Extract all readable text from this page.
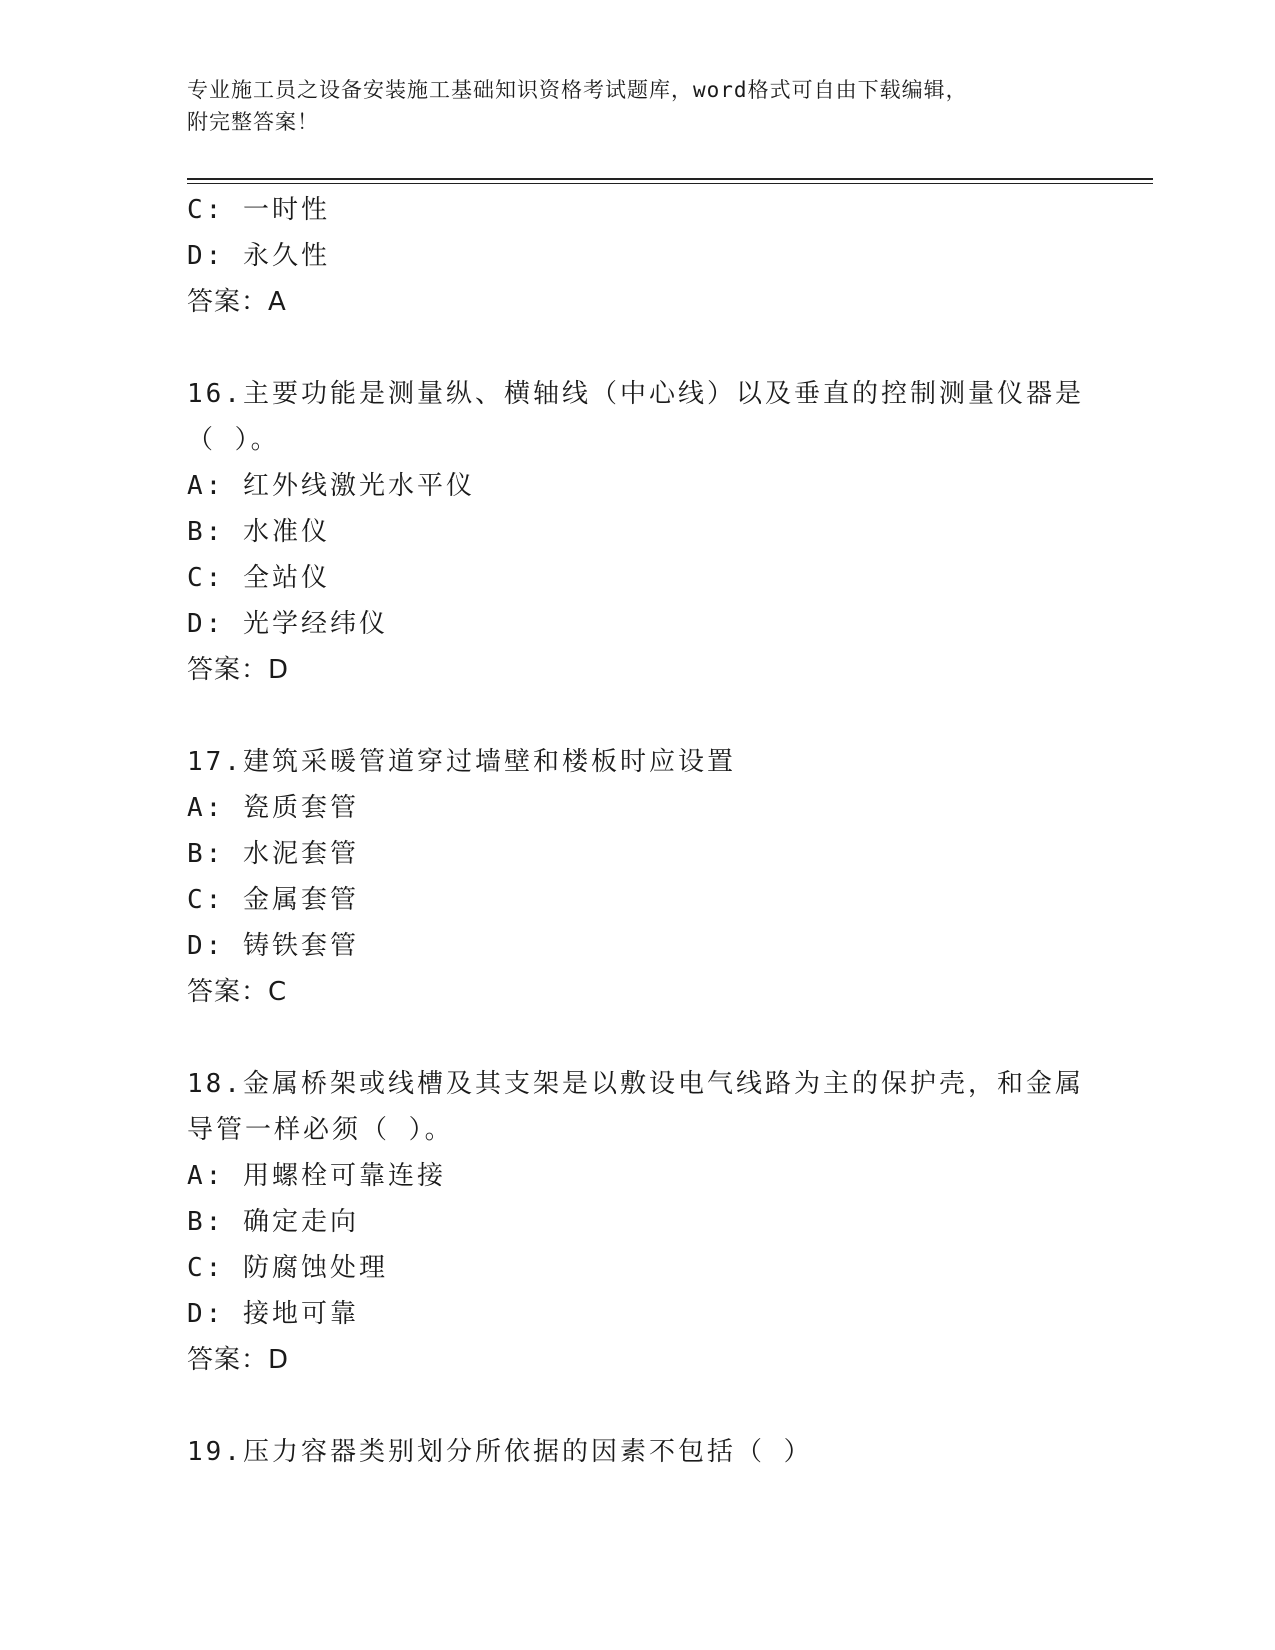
专业施工员之设备安装施工基础知识资格考试题库，word格式可自由下载编辑，
附完整答案！
C: 一时性
D: 永久性
答案：A
16.主要功能是测量纵、横轴线（中心线）以及垂直的控制测量仪器是
（ ）。
A: 红外线激光水平仪
B: 水准仪
C: 全站仪
D: 光学经纬仪
答案：D
17.建筑采暖管道穿过墙壁和楼板时应设置
A: 瓷质套管
B: 水泥套管
C: 金属套管
D: 铸铁套管
答案：C
18.金属桥架或线槽及其支架是以敷设电气线路为主的保护壳，和金属
导管一样必须（ ）。
A: 用螺栓可靠连接
B: 确定走向
C: 防腐蚀处理
D: 接地可靠
答案：D
19.压力容器类别划分所依据的因素不包括（ ）
